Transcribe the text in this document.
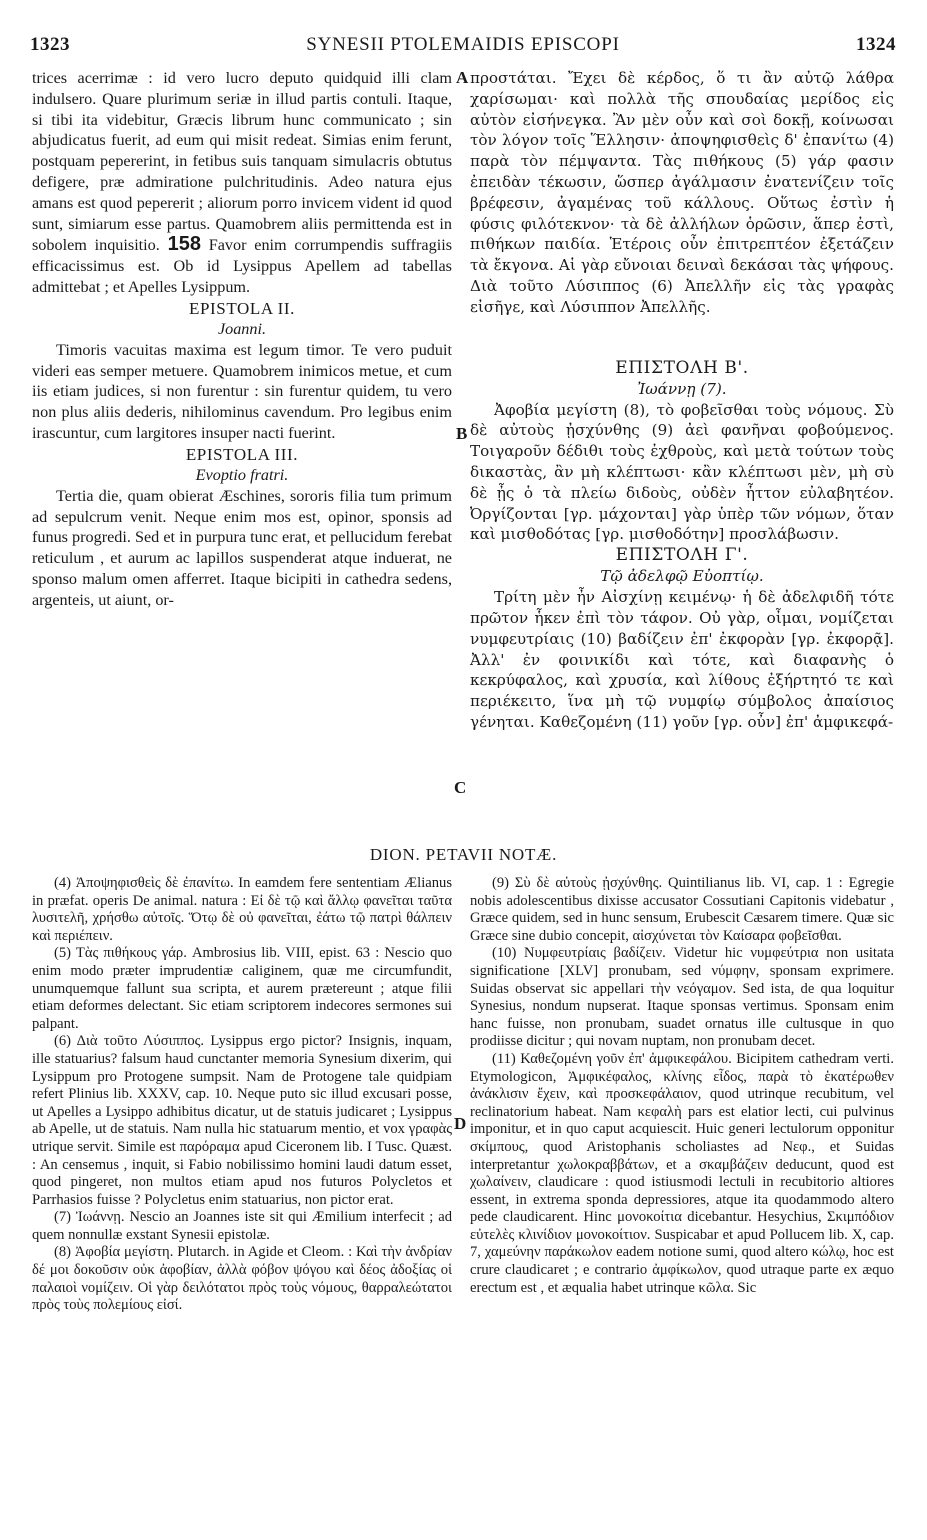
1323	SYNESII PTOLEMAIDIS EPISCOPI	1324

trices acerrimæ : id vero lucro deputo quidquid illi clam indulsero. Quare plurimum seriæ in illud partis contuli. Itaque, si tibi ita videbitur, Græcis librum hunc communicato ; sin abjudicatus fuerit, ad eum qui misit redeat. Simias enim ferunt, postquam pepererint, in fetibus suis tanquam simulacris obtutus defigere, præ admiratione pulchritudinis. Adeo natura ejus amans est quod pepererit ; aliorum porro invicem vident id quod sunt, simiarum esse partus. Quamobrem aliis permittenda est in sobolem inquisitio. 158 Favor enim corrumpendis suffragiis efficacissimus est. Ob id Lysippus Apellem ad tabellas admittebat ; et Apelles Lysippum.

EPISTOLA II.
Joanni.

Timoris vacuitas maxima est legum timor. Te vero puduit videri eas semper metuere. Quamobrem inimicos metue, et cum iis etiam judices, si non furentur : sin furentur quidem, tu vero non plus aliis dederis, nihilominus cavendum. Pro legibus enim irascuntur, cum largitores insuper nacti fuerint.

EPISTOLA III.
Evoptio fratri.

Tertia die, quam obierat Æschines, sororis filia tum primum ad sepulcrum venit. Neque enim mos est, opinor, sponsis ad funus progredi. Sed et in purpura tunc erat, et pellucidum ferebat reticulum , et aurum ac lapillos suspenderat atque induerat, ne sponso malum omen afferret. Itaque bicipiti in cathedra sedens, argenteis, ut aiunt, or-

A
B
C
D

προστάται. Ἔχει δὲ κέρδος, ὅ τι ἂν αὐτῷ λάθρα χαρίσωμαι· καὶ πολλὰ τῆς σπουδαίας μερίδος εἰς αὐτὸν εἰσήνεγκα. Ἂν μὲν οὖν καὶ σοὶ δοκῇ, κοίνωσαι τὸν λόγον τοῖς Ἕλλησιν· ἀποψηφισθεὶς δ' ἐπανίτω (4) παρὰ τὸν πέμψαντα. Τὰς πιθήκους (5) γάρ φασιν ἐπειδὰν τέκωσιν, ὥσπερ ἀγάλμασιν ἐνατενίζειν τοῖς βρέφεσιν, ἀγαμένας τοῦ κάλλους. Οὕτως ἐστὶν ἡ φύσις φιλότεκνον· τὰ δὲ ἀλλήλων ὁρῶσιν, ἅπερ ἐστὶ, πιθήκων παιδία. Ἑτέροις οὖν ἐπιτρεπτέον ἐξετάζειν τὰ ἔκγονα. Αἱ γὰρ εὔνοιαι δειναὶ δεκάσαι τὰς ψήφους. Διὰ τοῦτο Λύσιππος (6) Ἀπελλῆν εἰς τὰς γραφὰς εἰσῆγε, καὶ Λύσιππον Ἀπελλῆς.

ΕΠΙΣΤΟΛΗ Β'.
Ἰωάννῃ (7).

Ἀφοβία μεγίστη (8), τὸ φοβεῖσθαι τοὺς νόμους. Σὺ δὲ αὐτοὺς ᾐσχύνθης (9) ἀεὶ φανῆναι φοβούμενος. Τοιγαροῦν δέδιθι τοὺς ἐχθροὺς, καὶ μετὰ τούτων τοὺς δικαστὰς, ἂν μὴ κλέπτωσι· κἂν κλέπτωσι μὲν, μὴ σὺ δὲ ᾖς ὁ τὰ πλείω διδοὺς, οὐδὲν ἧττον εὐλαβητέον. Ὀργίζονται [γρ. μάχονται] γὰρ ὑπὲρ τῶν νόμων, ὅταν καὶ μισθοδότας [γρ. μισθοδότην] προσλάβωσιν.

ΕΠΙΣΤΟΛΗ Γ'.
Τῷ ἀδελφῷ Εὐοπτίῳ.

Τρίτη μὲν ἦν Αἰσχίνῃ κειμένῳ· ἡ δὲ ἀδελφιδῆ τότε πρῶτον ἧκεν ἐπὶ τὸν τάφον. Οὐ γὰρ, οἶμαι, νομίζεται νυμφευτρίαις (10) βαδίζειν ἐπ' ἐκφορὰν [γρ. ἐκφορᾷ]. Ἀλλ' ἐν φοινικίδι καὶ τότε, καὶ διαφανὴς ὁ κεκρύφαλος, καὶ χρυσία, καὶ λίθους ἐξήρτητό τε καὶ περιέκειτο, ἵνα μὴ τῷ νυμφίῳ σύμβολος ἀπαίσιος γένηται. Καθεζομένη (11) γοῦν [γρ. οὖν] ἐπ' ἀμφικεφά-

DION. PETAVII NOTÆ.

(4) Ἀποψηφισθεὶς δὲ ἐπανίτω. In eamdem fere sententiam Ælianus in præfat. operis De animal. natura : Εἰ δὲ τῷ καὶ ἄλλῳ φανεῖται ταῦτα λυσιτελῆ, χρήσθω αὐτοῖς. Ὅτῳ δὲ οὐ φανεῖται, ἐάτω τῷ πατρὶ θάλπειν καὶ περιέπειν.

(5) Τὰς πιθήκους γάρ. Ambrosius lib. VIII, epist. 63 : Nescio quo enim modo præter imprudentiæ caliginem, quæ me circumfundit, unumquemque fallunt sua scripta, et aurem prætereunt ; atque filii etiam deformes delectant. Sic etiam scriptorem indecores sermones sui palpant.

(6) Διὰ τοῦτο Λύσιππος. Lysippus ergo pictor? Insignis, inquam, ille statuarius? falsum haud cunctanter memoria Synesium dixerim, qui Lysippum pro Protogene sumpsit. Nam de Protogene tale quidpiam refert Plinius lib. XXXV, cap. 10. Neque puto sic illud excusari posse, ut Apelles a Lysippo adhibitus dicatur, ut de statuis judicaret ; Lysippus ab Apelle, ut de statuis. Nam nulla hic statuarum mentio, et vox γραφὰς utrique servit. Simile est παρόραμα apud Ciceronem lib. I Tusc. Quæst. : An censemus , inquit, si Fabio nobilissimo homini laudi datum esset, quod pingeret, non multos etiam apud nos futuros Polycletos et Parrhasios fuisse ? Polycletus enim statuarius, non pictor erat.

(7) Ἰωάννῃ. Nescio an Joannes iste sit qui Æmilium interfecit ; ad quem nonnullæ exstant Synesii epistolæ.

(8) Ἀφοβία μεγίστη. Plutarch. in Agide et Cleom. : Καὶ τὴν ἀνδρίαν δέ μοι δοκοῦσιν οὐκ ἀφοβίαν, ἀλλὰ φόβον ψόγου καὶ δέος ἀδοξίας οἱ παλαιοὶ νομίζειν. Οἱ γὰρ δειλότατοι πρὸς τοὺς νόμους, θαρραλεώτατοι πρὸς τοὺς πολεμίους εἰσί.

(9) Σὺ δὲ αὐτοὺς ᾐσχύνθης. Quintilianus lib. VI, cap. 1 : Egregie nobis adolescentibus dixisse accusator Cossutiani Capitonis videbatur , Græce quidem, sed in hunc sensum, Erubescit Cæsarem timere. Quæ sic Græce sine dubio concepit, αἰσχύνεται τὸν Καίσαρα φοβεῖσθαι.

(10) Νυμφευτρίαις βαδίζειν. Videtur hic νυμφεύτρια non usitata significatione [XLV] pronubam, sed νύμφην, sponsam exprimere. Suidas observat sic appellari τὴν νεόγαμον. Sed ista, de qua loquitur Synesius, nondum nupserat. Itaque sponsas vertimus. Sponsam enim hanc fuisse, non pronubam, suadet ornatus ille cultusque in quo prodiisse dicitur ; qui novam nuptam, non pronubam decet.

(11) Καθεζομένη γοῦν ἐπ' ἀμφικεφάλου. Bicipitem cathedram verti. Etymologicon, Ἀμφικέφαλος, κλίνης εἶδος, παρὰ τὸ ἑκατέρωθεν ἀνάκλισιν ἔχειν, καὶ προσκεφάλαιον, quod utrinque recubitum, vel reclinatorium habeat. Nam κεφαλὴ pars est elatior lecti, cui pulvinus imponitur, et in quo caput acquiescit. Huic generi lectulorum opponitur σκίμπους, quod Aristophanis scholiastes ad Νεφ., et Suidas interpretantur χωλοκραββάτων, et a σκαμβάζειν deducunt, quod est χωλαίνειν, claudicare : quod istiusmodi lectuli in recubitorio altiores essent, in extrema sponda depressiores, atque ita quodammodo altero pede claudicarent. Hinc μονοκοίτια dicebantur. Hesychius, Σκιμπόδιον εὐτελὲς κλινίδιον μονοκοίτιον. Suspicabar et apud Pollucem lib. X, cap. 7, χαμεύνην παράκωλον eadem notione sumi, quod altero κώλῳ, hoc est crure claudicaret ; e contrario ἀμφίκωλον, quod utraque parte ex æquo erectum est , et æqualia habet utrinque κῶλα. Sic
